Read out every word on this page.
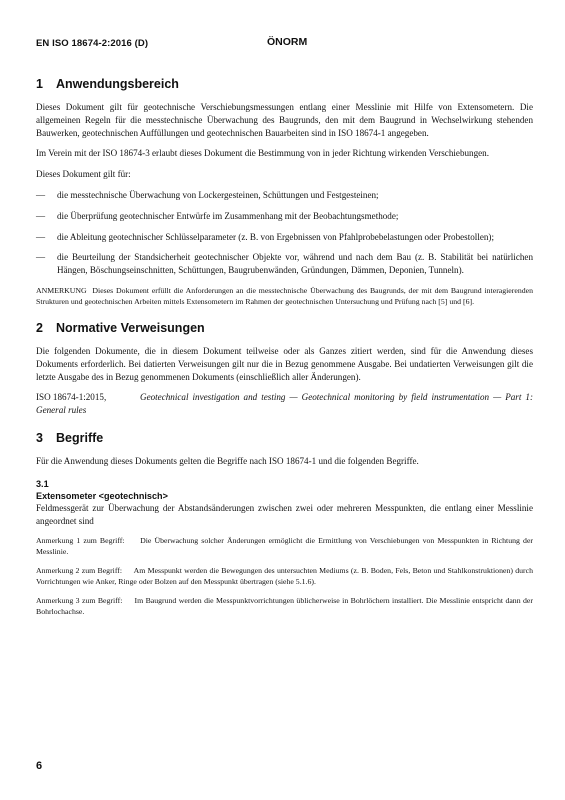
EN ISO 18674-2:2016 (D)	ÖNORM
1 Anwendungsbereich

Dieses Dokument gilt für geotechnische Verschiebungsmessungen entlang einer Messlinie mit Hilfe von Extensometern. Die allgemeinen Regeln für die messtechnische Überwachung des Baugrunds, den mit dem Baugrund in Wechselwirkung stehenden Bauwerken, geotechnischen Auffüllungen und geotechnischen Bauarbeiten sind in ISO 18674-1 angegeben.

Im Verein mit der ISO 18674-3 erlaubt dieses Dokument die Bestimmung von in jeder Richtung wirkenden Verschiebungen.

Dieses Dokument gilt für:

— die messtechnische Überwachung von Lockergesteinen, Schüttungen und Festgesteinen;
— die Überprüfung geotechnischer Entwürfe im Zusammenhang mit der Beobachtungsmethode;
— die Ableitung geotechnischer Schlüsselparameter (z. B. von Ergebnissen von Pfahlprobebelastungen oder Probestollen);
— die Beurteilung der Standsicherheit geotechnischer Objekte vor, während und nach dem Bau (z. B. Stabilität bei natürlichen Hängen, Böschungseinschnitten, Schüttungen, Baugrubenwänden, Gründungen, Dämmen, Deponien, Tunneln).
ANMERKUNG Dieses Dokument erfüllt die Anforderungen an die messtechnische Überwachung des Baugrunds, der mit dem Baugrund interagierenden Strukturen und geotechnischen Arbeiten mittels Extensometern im Rahmen der geotechnischen Untersuchung und Prüfung nach [5] und [6].
2 Normative Verweisungen

Die folgenden Dokumente, die in diesem Dokument teilweise oder als Ganzes zitiert werden, sind für die Anwendung dieses Dokuments erforderlich. Bei datierten Verweisungen gilt nur die in Bezug genommene Ausgabe. Bei undatierten Verweisungen gilt die letzte Ausgabe des in Bezug genommenen Dokuments (einschließlich aller Änderungen).

ISO 18674-1:2015,	Geotechnical investigation and testing — Geotechnical monitoring by field instrumentation — Part 1: General rules
3 Begriffe

Für die Anwendung dieses Dokuments gelten die Begriffe nach ISO 18674-1 und die folgenden Begriffe.

3.1
Extensometer <geotechnisch>

Feldmessgerät zur Überwachung der Abstandsänderungen zwischen zwei oder mehreren Messpunkten, die entlang einer Messlinie angeordnet sind

Anmerkung 1 zum Begriff: Die Überwachung solcher Änderungen ermöglicht die Ermittlung von Verschiebungen von Messpunkten in Richtung der Messlinie.
Anmerkung 2 zum Begriff: Am Messpunkt werden die Bewegungen des untersuchten Mediums (z. B. Boden, Fels, Beton und Stahlkonstruktionen) durch Vorrichtungen wie Anker, Ringe oder Bolzen auf den Messpunkt übertragen (siehe 5.1.6).
Anmerkung 3 zum Begriff: Im Baugrund werden die Messpunktvorrichtungen üblicherweise in Bohrlöchern installiert. Die Messlinie entspricht dann der Bohrlochachse.
6
